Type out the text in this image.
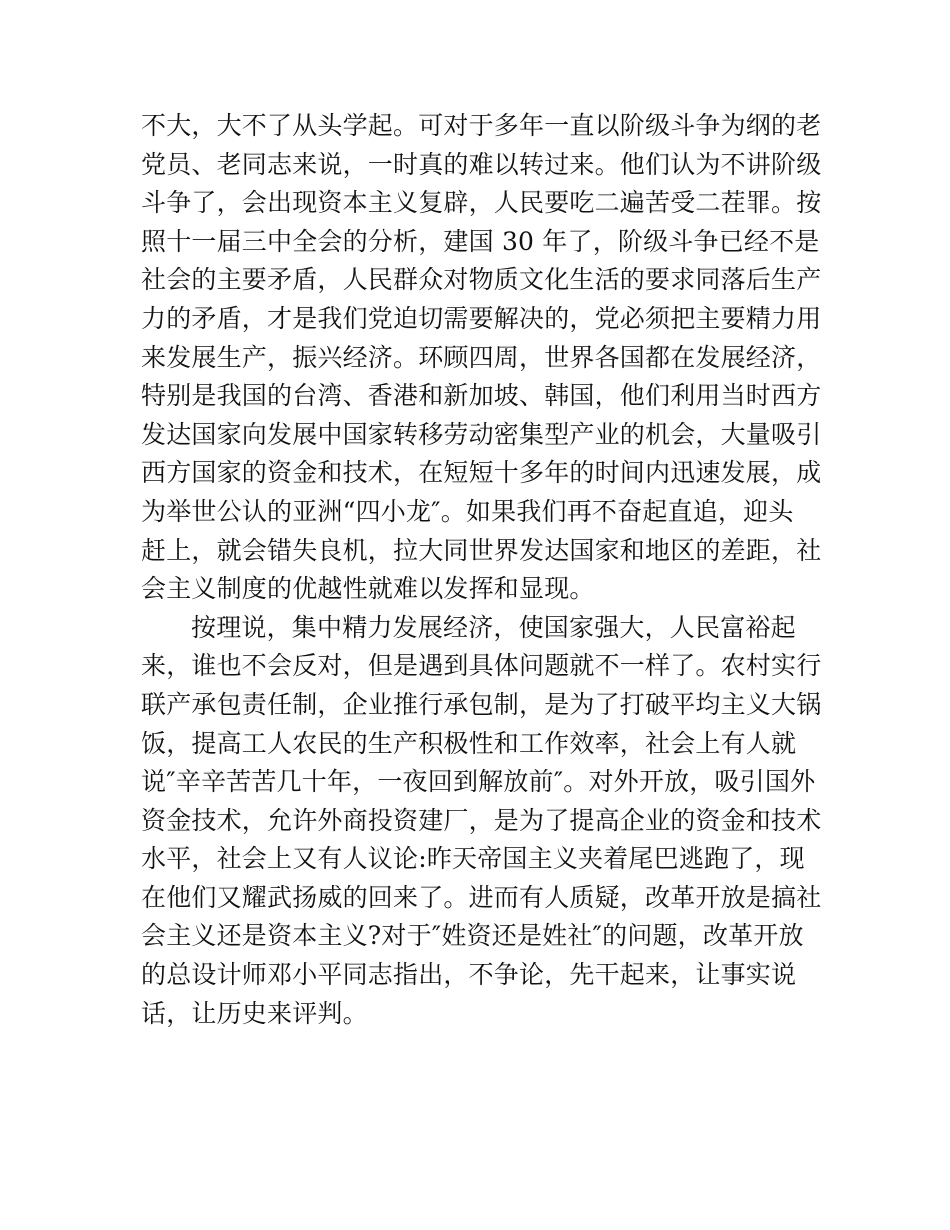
不大，大不了从头学起。可对于多年一直以阶级斗争为纲的老
党员、老同志来说，一时真的难以转过来。他们认为不讲阶级
斗争了，会出现资本主义复辟，人民要吃二遍苦受二茬罪。按
照十一届三中全会的分析，建国 30 年了，阶级斗争已经不是
社会的主要矛盾，人民群众对物质文化生活的要求同落后生产
力的矛盾，才是我们党迫切需要解决的，党必须把主要精力用
来发展生产，振兴经济。环顾四周，世界各国都在发展经济，
特别是我国的台湾、香港和新加坡、韩国，他们利用当时西方
发达国家向发展中国家转移劳动密集型产业的机会，大量吸引
西方国家的资金和技术，在短短十多年的时间内迅速发展，成
为举世公认的亚洲“四小龙″。如果我们再不奋起直追，迎头
赶上，就会错失良机，拉大同世界发达国家和地区的差距，社
会主义制度的优越性就难以发挥和显现。
按理说，集中精力发展经济，使国家强大，人民富裕起
来，谁也不会反对，但是遇到具体问题就不一样了。农村实行
联产承包责任制，企业推行承包制，是为了打破平均主义大锅
饭，提高工人农民的生产积极性和工作效率，社会上有人就
说″辛辛苦苦几十年，一夜回到解放前″。对外开放，吸引国外
资金技术，允许外商投资建厂，是为了提高企业的资金和技术
水平，社会上又有人议论:昨天帝国主义夹着尾巴逃跑了，现
在他们又耀武扬威的回来了。进而有人质疑，改革开放是搞社
会主义还是资本主义?对于″姓资还是姓社″的问题，改革开放
的总设计师邓小平同志指出，不争论，先干起来，让事实说
话，让历史来评判。
